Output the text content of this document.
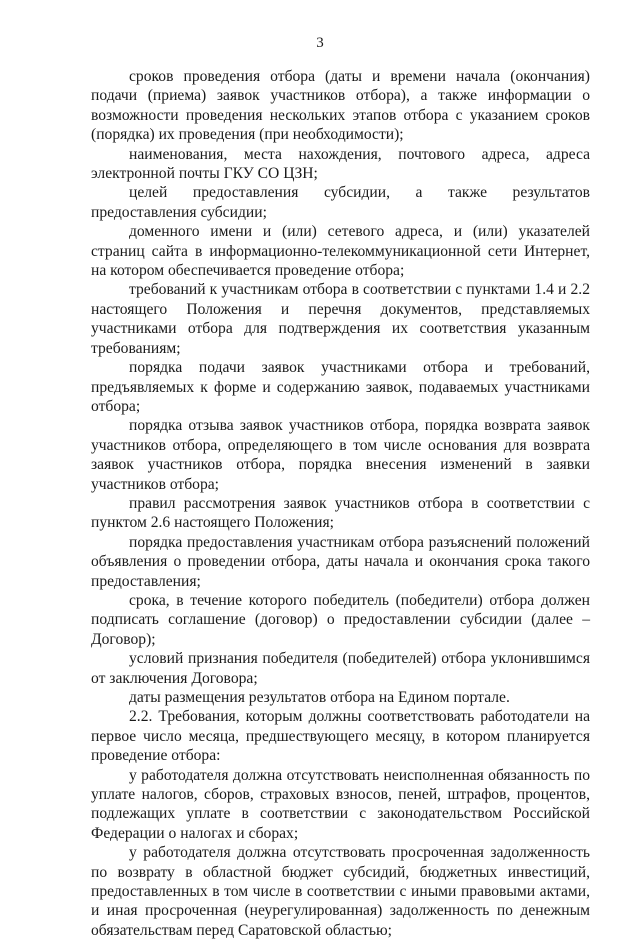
3

сроков проведения отбора (даты и времени начала (окончания) подачи (приема) заявок участников отбора), а также информации о возможности проведения нескольких этапов отбора с указанием сроков (порядка) их проведения (при необходимости);

наименования, места нахождения, почтового адреса, адреса электронной почты ГКУ СО ЦЗН;

целей предоставления субсидии, а также результатов предоставления субсидии;

доменного имени и (или) сетевого адреса, и (или) указателей страниц сайта в информационно-телекоммуникационной сети Интернет, на котором обеспечивается проведение отбора;

требований к участникам отбора в соответствии с пунктами 1.4 и 2.2 настоящего Положения и перечня документов, представляемых участниками отбора для подтверждения их соответствия указанным требованиям;

порядка подачи заявок участниками отбора и требований, предъявляемых к форме и содержанию заявок, подаваемых участниками отбора;

порядка отзыва заявок участников отбора, порядка возврата заявок участников отбора, определяющего в том числе основания для возврата заявок участников отбора, порядка внесения изменений в заявки участников отбора;

правил рассмотрения заявок участников отбора в соответствии с пунктом 2.6 настоящего Положения;

порядка предоставления участникам отбора разъяснений положений объявления о проведении отбора, даты начала и окончания срока такого предоставления;

срока, в течение которого победитель (победители) отбора должен подписать соглашение (договор) о предоставлении субсидии (далее – Договор);

условий признания победителя (победителей) отбора уклонившимся от заключения Договора;

даты размещения результатов отбора на Едином портале.

2.2. Требования, которым должны соответствовать работодатели на первое число месяца, предшествующего месяцу, в котором планируется проведение отбора:

у работодателя должна отсутствовать неисполненная обязанность по уплате налогов, сборов, страховых взносов, пеней, штрафов, процентов, подлежащих уплате в соответствии с законодательством Российской Федерации о налогах и сборах;

у работодателя должна отсутствовать просроченная задолженность по возврату в областной бюджет субсидий, бюджетных инвестиций, предоставленных в том числе в соответствии с иными правовыми актами, и иная просроченная (неурегулированная) задолженность по денежным обязательствам перед Саратовской областью;
